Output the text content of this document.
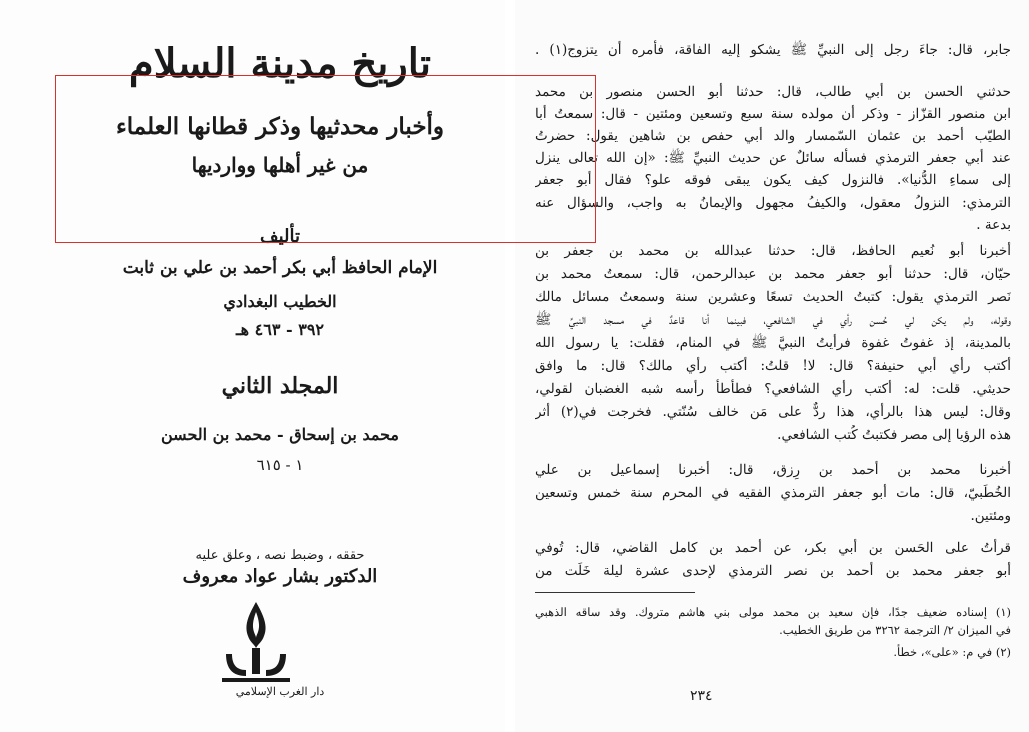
تاريخ مدينة السلام
وأخبار محدثيها وذكر قطانها العلماء
من غير أهلها ووارديها
تأليف
الإمام الحافظ أبي بكر أحمد بن علي بن ثابت
الخطيب البغدادي
٣٩٢ - ٤٦٣ هـ
المجلد الثاني
محمد بن إسحاق - محمد بن الحسن
١ - ٦١٥
حققه ، وضبط نصه ، وعلق عليه
الدكتور بشار عواد معروف
دار الغرب الإسلامي
جابر، قال: جاءَ رجل إلى النبيِّ ﷺ يشكو إليه الفاقة، فأمره أن يتزوج(١) .
حدثني الحسن بن أبي طالب، قال: حدثنا أبو الحسن منصور بن محمد
ابن منصور القزّاز - وذكر أن مولده سنة سبع وتسعين ومئتين - قال: سمعتُ أبا
الطيّب أحمد بن عثمان السّمسار والد أبي حفص بن شاهين يقول: حضرتُ
عند أبي جعفر الترمذي فسأله سائلٌ عن حديث النبيِّ ﷺ: «إن الله تعالى ينزل
إلى سماءِ الدُّنيا». فالنزول كيف يكون يبقى فوقه علو؟ فقال أبو جعفر
الترمذي: النزولُ معقول، والكيفُ مجهول والإيمانُ به واجب، والسؤال عنه
بدعة .
أخبرنا أبو نُعيم الحافظ، قال: حدثنا عبدالله بن محمد بن جعفر بن
حيّان، قال: حدثنا أبو جعفر محمد بن عبدالرحمن، قال: سمعتُ محمد بن
نَصر الترمذي يقول: كتبتُ الحديث تسعًا وعشرين سنة وسمعتُ مسائل مالك
وقوله، ولم يكن لي حُسن رأي في الشافعي، فبينما أنا قاعدٌ في مسجد النبيِّ ﷺ
بالمدينة، إذ غفوتُ غفوة فرأيتُ النبيَّ ﷺ في المنام، فقلت: يا رسول الله
أكتب رأي أبي حنيفة؟ قال: لا! قلتُ: أكتب رأي مالك؟ قال: ما وافق
حديثي. قلت: له: أكتب رأي الشافعي؟ فطأطأ رأسه شبه الغضبان لقولي،
وقال: ليس هذا بالرأي، هذا ردٌّ على مَن خالف سُنّتي. فخرجت في(٢) أثر
هذه الرؤيا إلى مصر فكتبتُ كُتب الشافعي.
أخبرنا محمد بن أحمد بن رِزق، قال: أخبرنا إسماعيل بن علي
الخُطَبيّ، قال: مات أبو جعفر الترمذي الفقيه في المحرم سنة خمس وتسعين
ومئتين.
قرأتُ على الحَسن بن أبي بكر، عن أحمد بن كامل القاضي، قال: تُوفي
أبو جعفر محمد بن أحمد بن نصر الترمذي لإحدى عشرة ليلة خَلَت من
(١) إسناده ضعيف جدًا، فإن سعيد بن محمد مولى بني هاشم متروك. وقد ساقه الذهبي
في الميزان ٢/ الترجمة ٣٢٦٢ من طريق الخطيب.
(٢) في م: «على»، خطأ.
٢٣٤
